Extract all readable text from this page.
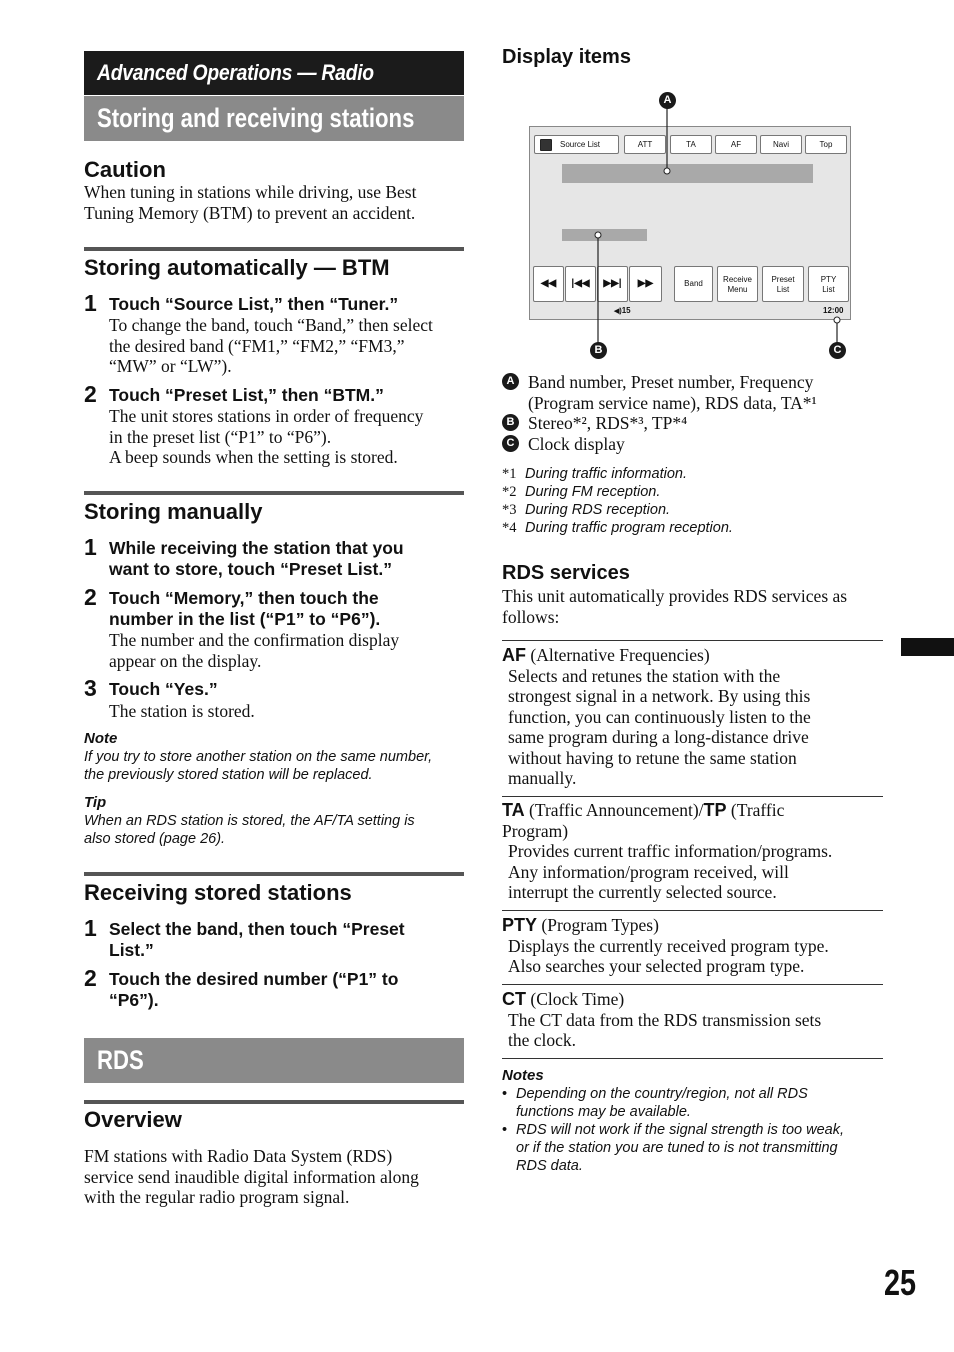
Advanced Operations — Radio
Storing and receiving stations
Caution
When tuning in stations while driving, use Best Tuning Memory (BTM) to prevent an accident.
Storing automatically — BTM
1 Touch “Source List,” then “Tuner.”
To change the band, touch “Band,” then select
the desired band (“FM1,” “FM2,” “FM3,”
“MW” or “LW”).
2 Touch “Preset List,” then “BTM.”
The unit stores stations in order of frequency
in the preset list (“P1” to “P6”).
A beep sounds when the setting is stored.
Storing manually
1 While receiving the station that you
want to store, touch “Preset List.”
2 Touch “Memory,” then touch the
number in the list (“P1” to “P6”).
The number and the confirmation display
appear on the display.
3 Touch “Yes.”
The station is stored.
Note
If you try to store another station on the same number,
the previously stored station will be replaced.
Tip
When an RDS station is stored, the AF/TA setting is
also stored (page 26).
Receiving stored stations
1 Select the band, then touch “Preset
List.”
2 Touch the desired number (“P1” to
“P6”).
RDS
Overview
FM stations with Radio Data System (RDS)
service send inaudible digital information along
with the regular radio program signal.
Display items
Source List	ATT	TA	AF	Navi	Top
◀◀	|◀◀	▶▶|	▶▶	Band	Receive
Menu
Preset
List
PTY
List
◀)15	12:00
A
B	C
A Band number, Preset number, Frequency
(Program service name), RDS data, TA*¹
B Stereo*², RDS*³, TP*⁴
C Clock display
*1 During traffic information.
*2 During FM reception.
*3 During RDS reception.
*4 During traffic program reception.
RDS services
This unit automatically provides RDS services as
follows:
AF (Alternative Frequencies)
Selects and retunes the station with the
strongest signal in a network. By using this
function, you can continuously listen to the
same program during a long-distance drive
without having to retune the same station
manually.
TA (Traffic Announcement)/TP (Traffic
Program)
Provides current traffic information/programs.
Any information/program received, will
interrupt the currently selected source.
PTY (Program Types)
Displays the currently received program type.
Also searches your selected program type.
CT (Clock Time)
The CT data from the RDS transmission sets
the clock.
Notes
• Depending on the country/region, not all RDS
functions may be available.
• RDS will not work if the signal strength is too weak,
or if the station you are tuned to is not transmitting
RDS data.
25
